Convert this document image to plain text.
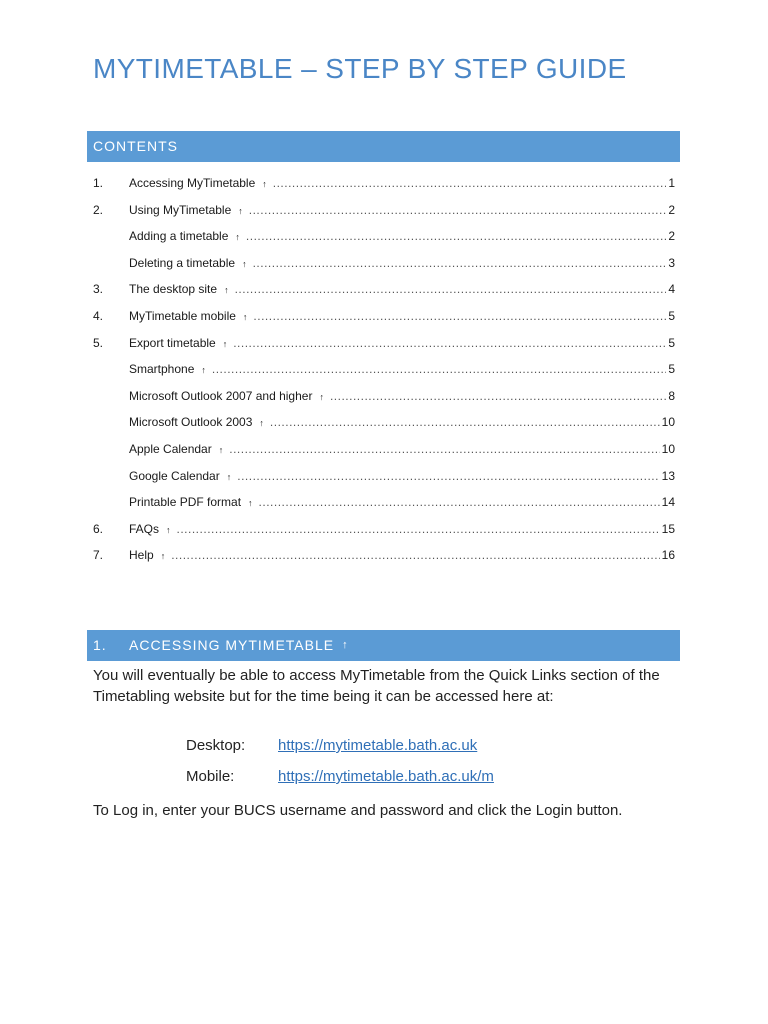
MYTIMETABLE – STEP BY STEP GUIDE
CONTENTS
1.	Accessing MyTimetable ↑ .....	1
2.	Using MyTimetable ↑ .....	2
Adding a timetable ↑ .....	2
Deleting a timetable ↑ .....	3
3.	The desktop site ↑ .....	4
4.	MyTimetable mobile ↑ .....	5
5.	Export timetable ↑ .....	5
Smartphone ↑ .....	5
Microsoft Outlook 2007 and higher ↑ .....	8
Microsoft Outlook 2003 ↑ .....	10
Apple Calendar ↑ .....	10
Google Calendar ↑ .....	13
Printable PDF format ↑ .....	14
6.	FAQs ↑ .....	15
7.	Help ↑ .....	16
1. ACCESSING MYTIMETABLE ↑

You will eventually be able to access MyTimetable from the Quick Links section of the Timetabling website but for the time being it can be accessed here at:

Desktop: https://mytimetable.bath.ac.uk
Mobile:	https://mytimetable.bath.ac.uk/m

To Log in, enter your BUCS username and password and click the Login button.
